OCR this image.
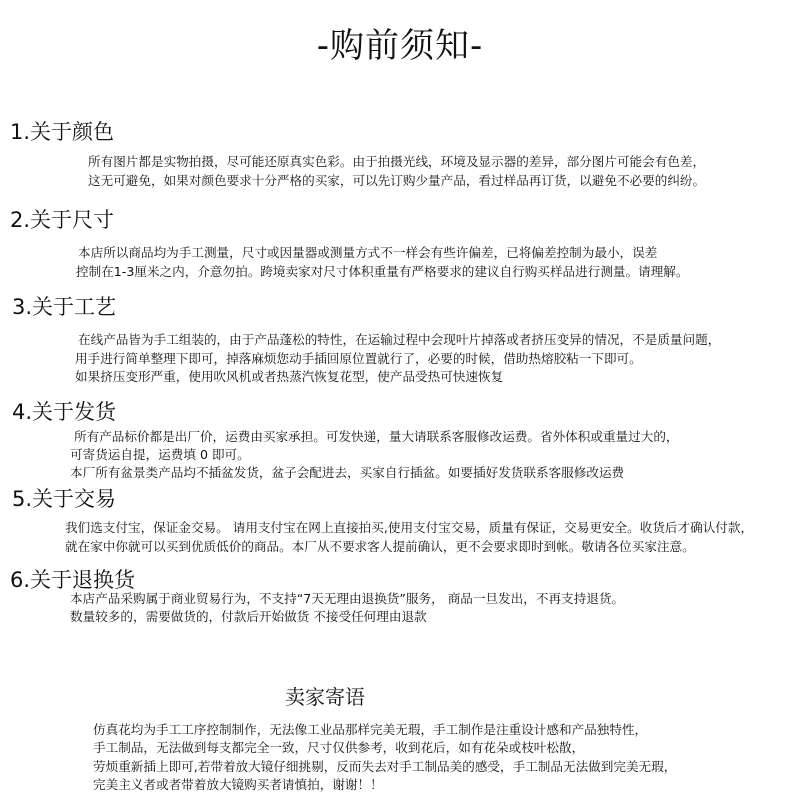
-购前须知-
1.关于颜色
所有图片都是实物拍摄，尽可能还原真实色彩。由于拍摄光线，环境及显示器的差异，部分图片可能会有色差，
这无可避免，如果对颜色要求十分严格的买家，可以先订购少量产品，看过样品再订货，以避免不必要的纠纷。
2.关于尺寸
本店所以商品均为手工测量，尺寸或因量器或测量方式不一样会有些许偏差，已将偏差控制为最小，误差
控制在1-3厘米之内，介意勿拍。跨境卖家对尺寸体积重量有严格要求的建议自行购买样品进行测量。请理解。
3.关于工艺
在线产品皆为手工组装的，由于产品蓬松的特性，在运输过程中会现叶片掉落或者挤压变异的情况，不是质量问题，
用手进行简单整理下即可，掉落麻烦您动手插回原位置就行了，必要的时候，借助热熔胶粘一下即可。
如果挤压变形严重，使用吹风机或者热蒸汽恢复花型，使产品受热可快速恢复
4.关于发货
所有产品标价都是出厂价，运费由买家承担。可发快递，量大请联系客服修改运费。省外体积或重量过大的，
可寄货运自提，运费填 0 即可。
本厂所有盆景类产品均不插盆发货，盆子会配进去，买家自行插盆。如要插好发货联系客服修改运费
5.关于交易
我们选支付宝，保证金交易。 请用支付宝在网上直接拍买,使用支付宝交易，质量有保证，交易更安全。收货后才确认付款，
就在家中你就可以买到优质低价的商品。本厂从不要求客人提前确认，更不会要求即时到帐。敬请各位买家注意。
6.关于退换货
本店产品采购属于商业贸易行为，不支持“7天无理由退换货”服务， 商品一旦发出，不再支持退货。
数量较多的，需要做货的，付款后开始做货 不接受任何理由退款
卖家寄语
仿真花均为手工工序控制制作，无法像工业品那样完美无瑕，手工制作是注重设计感和产品独特性，
手工制品，无法做到每支都完全一致，尺寸仅供参考，收到花后，如有花朵或枝叶松散，
劳烦重新插上即可,若带着放大镜仔细挑剔，反而失去对手工制品美的感受，手工制品无法做到完美无瑕，
完美主义者或者带着放大镜购买者请慎拍，谢谢！！
